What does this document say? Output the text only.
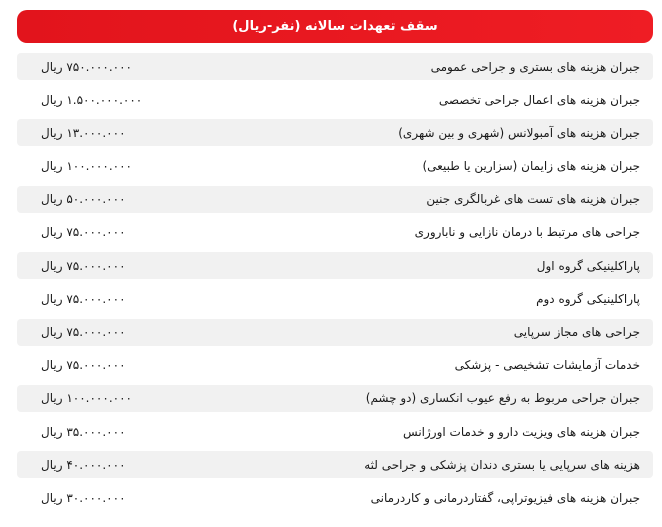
سقف تعهدات سالانه (نفر-ریال)
۷۵۰.۰۰۰.۰۰۰ ریال	جبران هزینه های بستری و جراحی عمومی
۱.۵۰۰.۰۰۰.۰۰۰ ریال	جبران هزینه های اعمال جراحی تخصصی
۱۳.۰۰۰.۰۰۰ ریال	جبران هزینه های آمبولانس (شهری و بین شهری)
۱۰۰.۰۰۰.۰۰۰ ریال	جبران هزینه های زایمان (سزارین یا طبیعی)
۵۰.۰۰۰.۰۰۰ ریال	جبران هزینه های تست های غربالگری جنین
۷۵.۰۰۰.۰۰۰ ریال	جراحی های مرتبط با درمان نازایی و ناباروری
۷۵.۰۰۰.۰۰۰ ریال	پاراکلینیکی گروه اول
۷۵.۰۰۰.۰۰۰ ریال	پاراکلینیکی گروه دوم
۷۵.۰۰۰.۰۰۰ ریال	جراحی های مجاز سرپایی
۷۵.۰۰۰.۰۰۰ ریال	خدمات آزمایشات تشخیصی - پزشکی
۱۰۰.۰۰۰.۰۰۰ ریال	جبران جراحی مربوط به رفع عیوب انکساری (دو چشم)
۳۵.۰۰۰.۰۰۰ ریال	جبران هزینه های ویزیت دارو و خدمات اورژانس
۴۰.۰۰۰.۰۰۰ ریال	هزینه های سرپایی یا بستری دندان پزشکی و جراحی لثه
۳۰.۰۰۰.۰۰۰ ریال	جبران هزینه های فیزیوتراپی، گفتاردرمانی و کاردرمانی
